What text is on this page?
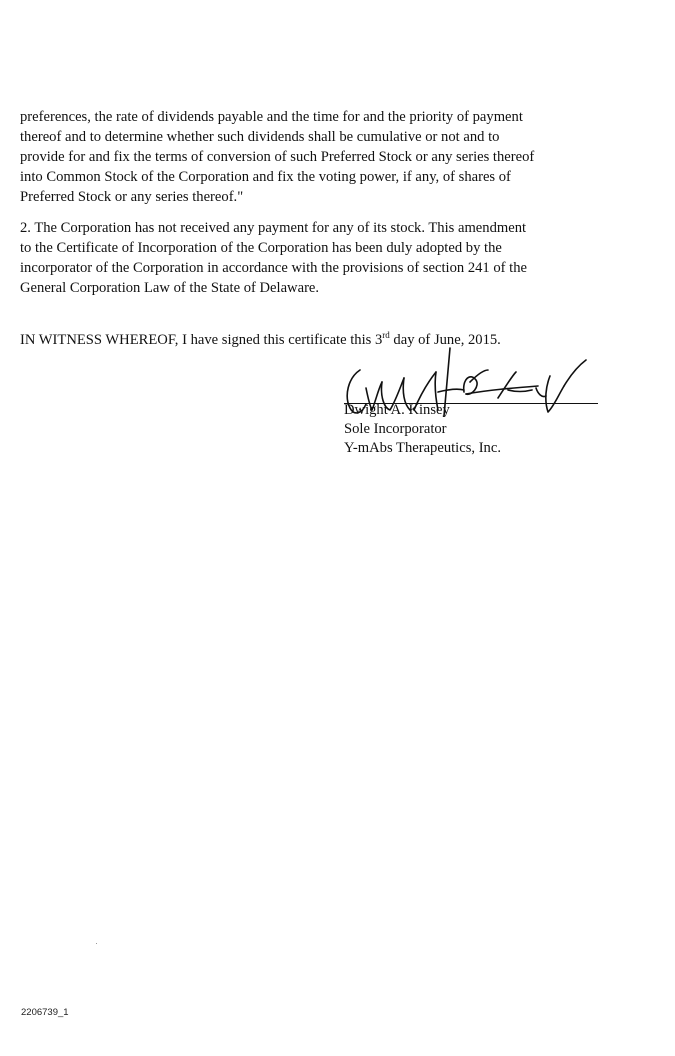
preferences, the rate of dividends payable and the time for and the priority of payment
thereof and to determine whether such dividends shall be cumulative or not and to
provide for and fix the terms of conversion of such Preferred Stock or any series thereof
into Common Stock of the Corporation and fix the voting power, if any, of shares of
Preferred Stock or any series thereof."
2. The Corporation has not received any payment for any of its stock. This amendment
to the Certificate of Incorporation of the Corporation has been duly adopted by the
incorporator of the Corporation in accordance with the provisions of section 241 of the
General Corporation Law of the State of Delaware.
IN WITNESS WHEREOF, I have signed this certificate this 3rd day of June, 2015.
Dwight A. Kinsey
Sole Incorporator
Y-mAbs Therapeutics, Inc.
2206739_1
